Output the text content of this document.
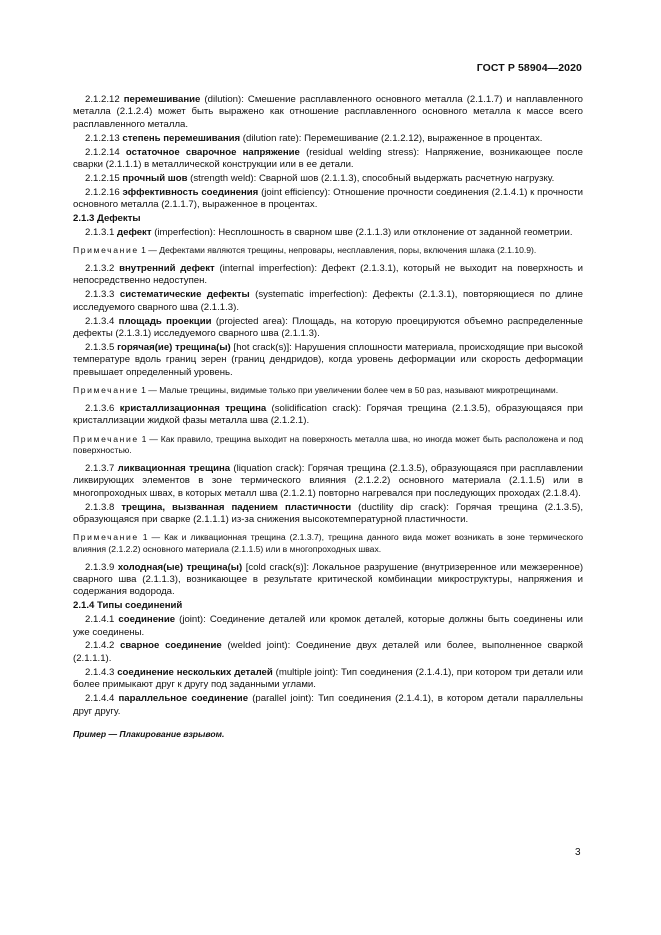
ГОСТ Р 58904—2020
2.1.2.12 перемешивание (dilution): Смешение расплавленного основного металла (2.1.1.7) и наплавленного металла (2.1.2.4) может быть выражено как отношение расплавленного основного металла к массе всего расплавленного металла.
2.1.2.13 степень перемешивания (dilution rate): Перемешивание (2.1.2.12), выраженное в процентах.
2.1.2.14 остаточное сварочное напряжение (residual welding stress): Напряжение, возникающее после сварки (2.1.1.1) в металлической конструкции или в ее детали.
2.1.2.15 прочный шов (strength weld): Сварной шов (2.1.1.3), способный выдержать расчетную нагрузку.
2.1.2.16 эффективность соединения (joint efficiency): Отношение прочности соединения (2.1.4.1) к прочности основного металла (2.1.1.7), выраженное в процентах.
2.1.3 Дефекты
2.1.3.1 дефект (imperfection): Несплошность в сварном шве (2.1.1.3) или отклонение от заданной геометрии.
Примечание 1 — Дефектами являются трещины, непровары, несплавления, поры, включения шлака (2.1.10.9).
2.1.3.2 внутренний дефект (internal imperfection): Дефект (2.1.3.1), который не выходит на поверхность и непосредственно недоступен.
2.1.3.3 систематические дефекты (systematic imperfection): Дефекты (2.1.3.1), повторяющиеся по длине исследуемого сварного шва (2.1.1.3).
2.1.3.4 площадь проекции (projected area): Площадь, на которую проецируются объемно распределенные дефекты (2.1.3.1) исследуемого сварного шва (2.1.1.3).
2.1.3.5 горячая(ие) трещина(ы) [hot crack(s)]: Нарушения сплошности материала, происходящие при высокой температуре вдоль границ зерен (границ дендридов), когда уровень деформации или скорость деформации превышает определенный уровень.
Примечание 1 — Малые трещины, видимые только при увеличении более чем в 50 раз, называют микротрещинами.
2.1.3.6 кристаллизационная трещина (solidification crack): Горячая трещина (2.1.3.5), образующаяся при кристаллизации жидкой фазы металла шва (2.1.2.1).
Примечание 1 — Как правило, трещина выходит на поверхность металла шва, но иногда может быть расположена и под поверхностью.
2.1.3.7 ликвационная трещина (liquation crack): Горячая трещина (2.1.3.5), образующаяся при расплавлении ликвирующих элементов в зоне термического влияния (2.1.2.2) основного материала (2.1.1.5) или в многопроходных швах, в которых металл шва (2.1.2.1) повторно нагревался при последующих проходах (2.1.8.4).
2.1.3.8 трещина, вызванная падением пластичности (ductility dip crack): Горячая трещина (2.1.3.5), образующаяся при сварке (2.1.1.1) из-за снижения высокотемпературной пластичности.
Примечание 1 — Как и ликвационная трещина (2.1.3.7), трещина данного вида может возникать в зоне термического влияния (2.1.2.2) основного материала (2.1.1.5) или в многопроходных швах.
2.1.3.9 холодная(ые) трещина(ы) [cold crack(s)]: Локальное разрушение (внутризеренное или межзеренное) сварного шва (2.1.1.3), возникающее в результате критической комбинации микроструктуры, напряжения и содержания водорода.
2.1.4 Типы соединений
2.1.4.1 соединение (joint): Соединение деталей или кромок деталей, которые должны быть соединены или уже соединены.
2.1.4.2 сварное соединение (welded joint): Соединение двух деталей или более, выполненное сваркой (2.1.1.1).
2.1.4.3 соединение нескольких деталей (multiple joint): Тип соединения (2.1.4.1), при котором три детали или более примыкают друг к другу под заданными углами.
2.1.4.4 параллельное соединение (parallel joint): Тип соединения (2.1.4.1), в котором детали параллельны друг другу.
Пример — Плакирование взрывом.
3
